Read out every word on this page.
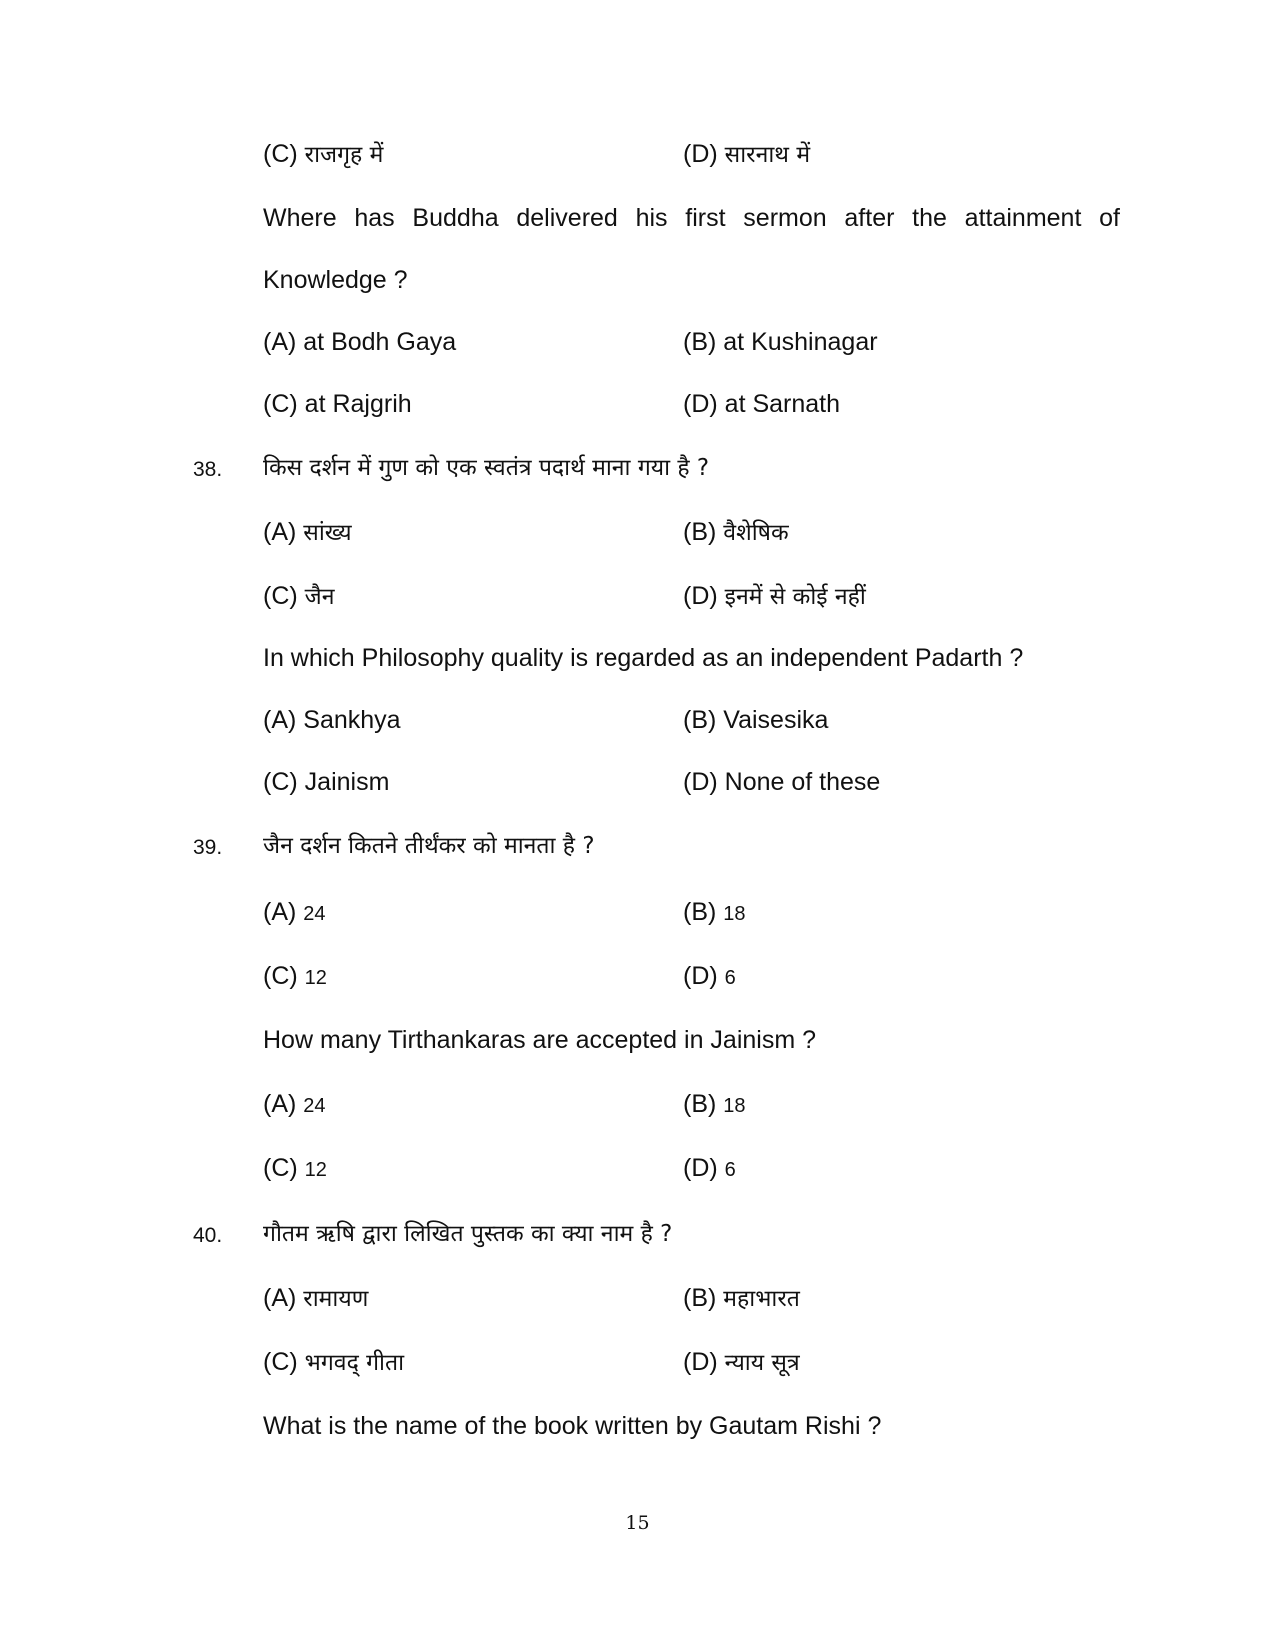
(C) राजगृह में	(D) सारनाथ में
Where has Buddha delivered his first sermon after the attainment of
Knowledge ?
(A) at Bodh Gaya	(B) at Kushinagar
(C) at Rajgrih	(D) at Sarnath
38. किस दर्शन में गुण को एक स्वतंत्र पदार्थ माना गया है ?
(A) सांख्य	(B) वैशेषिक
(C) जैन	(D) इनमें से कोई नहीं
In which Philosophy quality is regarded as an independent Padarth ?
(A) Sankhya	(B) Vaisesika
(C) Jainism	(D) None of these
39. जैन दर्शन कितने तीर्थंकर को मानता है ?
(A) 24	(B) 18
(C) 12	(D) 6
How many Tirthankaras are accepted in Jainism ?
(A) 24	(B) 18
(C) 12	(D) 6
40. गौतम ऋषि द्वारा लिखित पुस्तक का क्या नाम है ?
(A) रामायण	(B) महाभारत
(C) भगवद् गीता	(D) न्याय सूत्र
What is the name of the book written by Gautam Rishi ?
15
